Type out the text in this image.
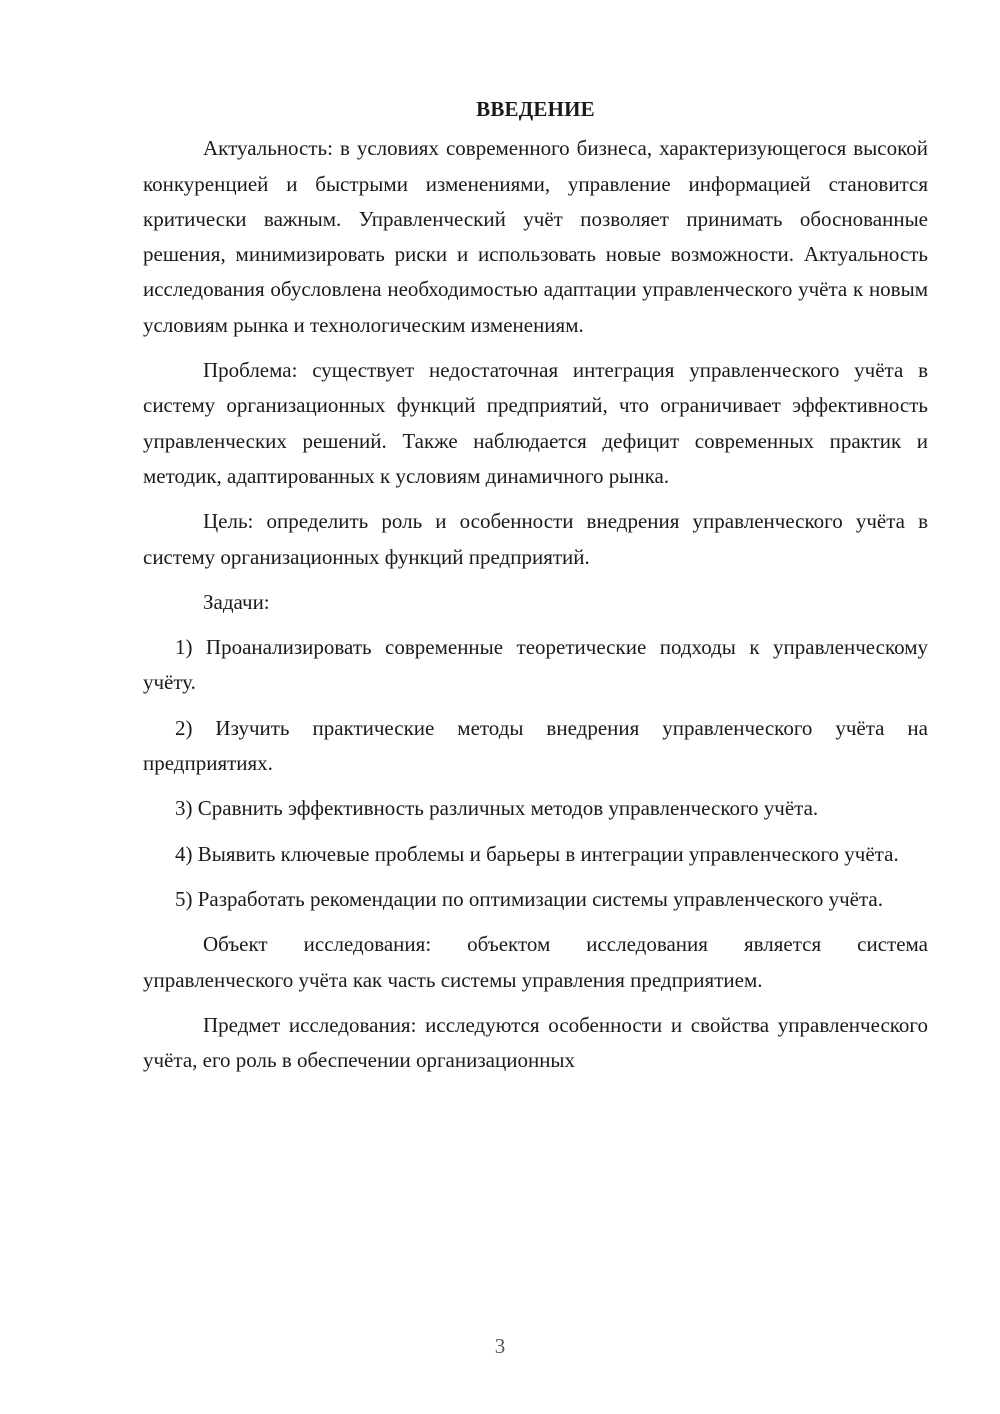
ВВЕДЕНИЕ

Актуальность: в условиях современного бизнеса, характеризующегося высокой конкуренцией и быстрыми изменениями, управление информацией становится критически важным. Управленческий учёт позволяет принимать обоснованные решения, минимизировать риски и использовать новые возможности. Актуальность исследования обусловлена необходимостью адаптации управленческого учёта к новым условиям рынка и технологическим изменениям.

Проблема: существует недостаточная интеграция управленческого учёта в систему организационных функций предприятий, что ограничивает эффективность управленческих решений. Также наблюдается дефицит современных практик и методик, адаптированных к условиям динамичного рынка.

Цель: определить роль и особенности внедрения управленческого учёта в систему организационных функций предприятий.

Задачи:

1) Проанализировать современные теоретические подходы к управленческому учёту.

2) Изучить практические методы внедрения управленческого учёта на предприятиях.

3) Сравнить эффективность различных методов управленческого учёта.

4) Выявить ключевые проблемы и барьеры в интеграции управленческого учёта.

5) Разработать рекомендации по оптимизации системы управленческого учёта.

Объект исследования: объектом исследования является система управленческого учёта как часть системы управления предприятием.

Предмет исследования: исследуются особенности и свойства управленческого учёта, его роль в обеспечении организационных

3
